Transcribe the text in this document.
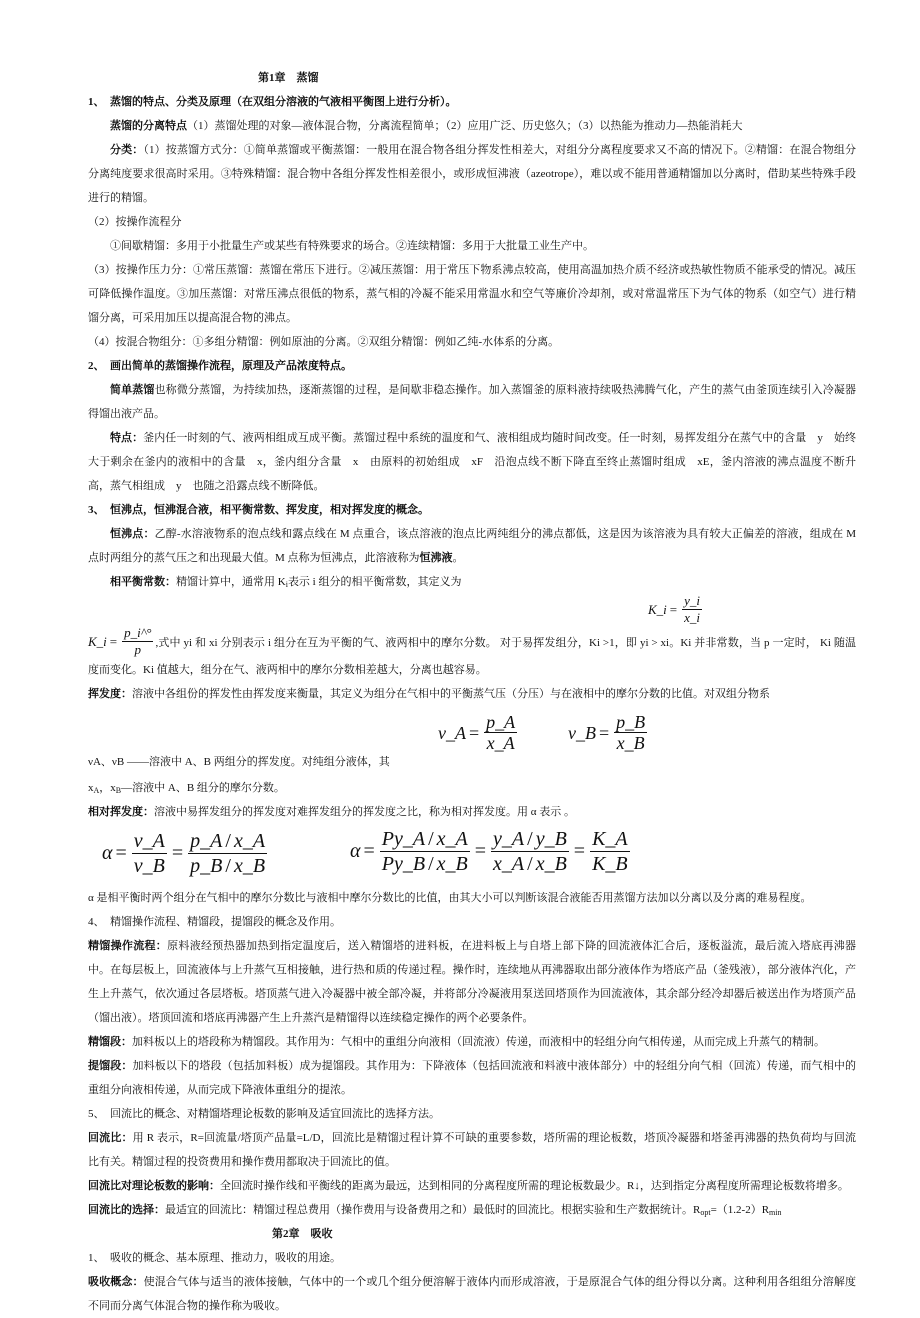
第1章　蒸馏

1、　蒸馏的特点、分类及原理（在双组分溶液的气液相平衡图上进行分析）。

蒸馏的分离特点（1）蒸馏处理的对象—液体混合物，分离流程简单；（2）应用广泛、历史悠久；（3）以热能为推动力—热能消耗大

分类：（1）按蒸馏方式分：①简单蒸馏或平衡蒸馏：一般用在混合物各组分挥发性相差大，对组分分离程度要求又不高的情况下。②精馏：在混合物组分分离纯度要求很高时采用。③特殊精馏：混合物中各组分挥发性相差很小，或形成恒沸液（azeotrope），难以或不能用普通精馏加以分离时，借助某些特殊手段进行的精馏。

（2）按操作流程分

①间歇精馏：多用于小批量生产或某些有特殊要求的场合。②连续精馏：多用于大批量工业生产中。

（3）按操作压力分：①常压蒸馏：蒸馏在常压下进行。②减压蒸馏：用于常压下物系沸点较高，使用高温加热介质不经济或热敏性物质不能承受的情况。减压可降低操作温度。③加压蒸馏：对常压沸点很低的物系，蒸气相的冷凝不能采用常温水和空气等廉价冷却剂，或对常温常压下为气体的物系（如空气）进行精馏分离，可采用加压以提高混合物的沸点。

（4）按混合物组分：①多组分精馏：例如原油的分离。②双组分精馏：例如乙纯-水体系的分离。

2、　画出简单的蒸馏操作流程，原理及产品浓度特点。

简单蒸馏也称微分蒸馏，为持续加热，逐渐蒸馏的过程，是间歇非稳态操作。加入蒸馏釜的原料液持续吸热沸腾气化，产生的蒸气由釜顶连续引入冷凝器得馏出液产品。

特点：釜内任一时刻的气、液两相组成互成平衡。蒸馏过程中系统的温度和气、液相组成均随时间改变。任一时刻，易挥发组分在蒸气中的含量　y　始终大于剩余在釜内的液相中的含量　x，釜内组分含量　x　由原料的初始组成　xF　沿泡点线不断下降直至终止蒸馏时组成　xE，釜内溶液的沸点温度不断升高，蒸气相组成　y　也随之沿露点线不断降低。

3、　恒沸点，恒沸混合液，相平衡常数、挥发度，相对挥发度的概念。

恒沸点：乙醇-水溶液物系的泡点线和露点线在 M 点重合，该点溶液的泡点比两纯组分的沸点都低，这是因为该溶液为具有较大正偏差的溶液，组成在 M 点时两组分的蒸气压之和出现最大值。M 点称为恒沸点，此溶液称为恒沸液。

相平衡常数：精馏计算中，通常用 $K_i$表示 i 组分的相平衡常数，其定义为

K_i = $\frac{y\_i}{x\_i}$

K_i = $\frac{p\_i\^{}^\circ}{p}$ ,式中 yi 和 xi 分别表示 i 组分在互为平衡的气、液两相中的摩尔分数。 对于易挥发组分，Ki >1，即 yi > xi。Ki 并非常数，当 p 一定时， Ki 随温度而变化。Ki 值越大，组分在气、液两相中的摩尔分数相差越大，分离也越容易。

挥发度：溶液中各组份的挥发性由挥发度来衡量，其定义为组分在气相中的平衡蒸气压（分压）与在液相中的摩尔分数的比值。对双组分物系

νA、νB ——溶液中 A、B 两组分的挥发度。对纯组分液体，其
ν_A = $\frac{p\_A}{x\_A}$	ν_B = $\frac{p\_B}{x\_B}$

$x_A$，$x_B—$溶液中 A、B 组分的摩尔分数。

相对挥发度：溶液中易挥发组分的挥发度对难挥发组分的挥发度之比，称为相对挥发度。用 α 表示 。

$\alpha = \frac{\nu\_A}{\nu\_B} = \frac{p\_A / x\_A}{p\_B / x\_B}$	$\alpha = \frac{Py\_A / x\_A}{Py\_B / x\_B} = \frac{y\_A / y\_B}{x\_A / x\_B} = \frac{K\_A}{K\_B}$

α 是相平衡时两个组分在气相中的摩尔分数比与液相中摩尔分数比的比值，由其大小可以判断该混合液能否用蒸馏方法加以分离以及分离的难易程度。

4、　精馏操作流程、精馏段，提馏段的概念及作用。

精馏操作流程：原料液经预热器加热到指定温度后，送入精馏塔的进料板，在进料板上与自塔上部下降的回流液体汇合后，逐板溢流，最后流入塔底再沸器中。在每层板上，回流液体与上升蒸气互相接触，进行热和质的传递过程。操作时，连续地从再沸器取出部分液体作为塔底产品（釜残液），部分液体汽化，产生上升蒸气，依次通过各层塔板。塔顶蒸气进入冷凝器中被全部冷凝，并将部分冷凝液用泵送回塔顶作为回流液体，其余部分经冷却器后被送出作为塔顶产品（馏出液）。塔顶回流和塔底再沸器产生上升蒸汽是精馏得以连续稳定操作的两个必要条件。

精馏段：加料板以上的塔段称为精馏段。其作用为：气相中的重组分向液相（回流液）传递，而液相中的轻组分向气相传递，从而完成上升蒸气的精制。

提馏段：加料板以下的塔段（包括加料板）成为提馏段。其作用为：下降液体（包括回流液和料液中液体部分）中的轻组分向气相（回流）传递，而气相中的重组分向液相传递，从而完成下降液体重组分的提浓。

5、　回流比的概念、对精馏塔理论板数的影响及适宜回流比的选择方法。

回流比：用 R 表示，R=回流量/塔顶产品量=L/D，回流比是精馏过程计算不可缺的重要参数，塔所需的理论板数，塔顶冷凝器和塔釜再沸器的热负荷均与回流比有关。精馏过程的投资费用和操作费用都取决于回流比的值。

回流比对理论板数的影响：全回流时操作线和平衡线的距离为最远，达到相同的分离程度所需的理论板数最少。R↓，达到指定分离程度所需理论板数将增多。

回流比的选择：最适宜的回流比：精馏过程总费用（操作费用与设备费用之和）最低时的回流比。根据实验和生产数据统计。$R_{opt}=(1.2-2)R_{min}$

第2章　吸收

1、　吸收的概念、基本原理、推动力，吸收的用途。

吸收概念：使混合气体与适当的液体接触，气体中的一个或几个组分便溶解于液体内而形成溶液，于是原混合气体的组分得以分离。这种利用各组组分溶解度不同而分离气体混合物的操作称为吸收。
